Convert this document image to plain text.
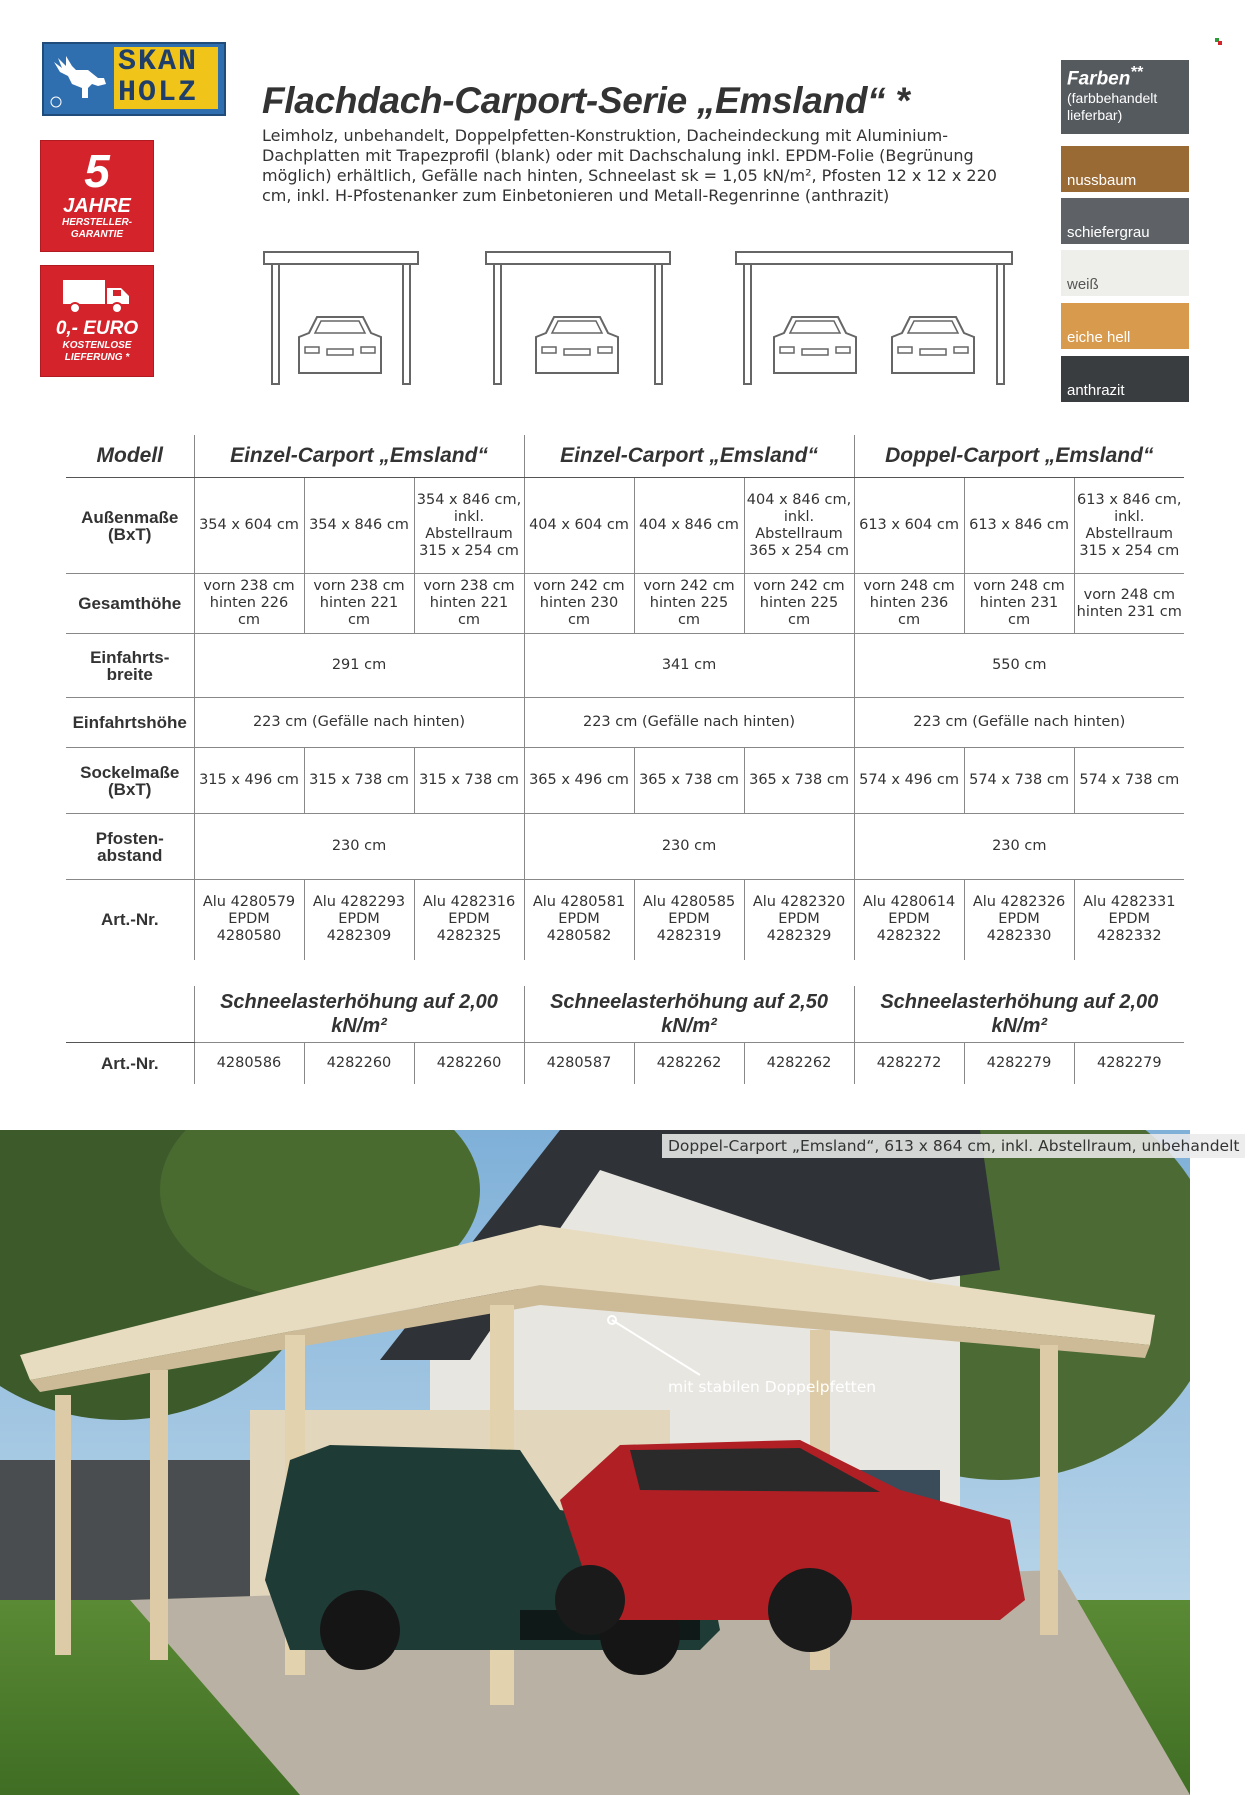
SKAN
HOLZ
5
JAHRE
HERSTELLER-
GARANTIE
0,- EURO
KOSTENLOSE
LIEFERUNG *
Flachdach-Carport-Serie „Emsland“ *
Leimholz, unbehandelt, Doppelpfetten-Konstruktion, Dacheindeckung mit Aluminium-Dachplatten mit Trapezprofil (blank) oder mit Dachschalung inkl. EPDM-Folie (Begrünung möglich) erhältlich, Gefälle nach hinten, Schneelast sk = 1,05 kN/m², Pfosten 12 x 12 x 220 cm, inkl. H-Pfostenanker zum Einbetonieren und Metall-Regenrinne (anthrazit)
Farben**
(farbbehandelt lieferbar)
nussbaum
schiefergrau
weiß
eiche hell
anthrazit
Modell	Einzel-Carport „Emsland“			Einzel-Carport „Emsland“			Doppel-Carport „Emsland“		
Außenmaße (BxT)	354 x 604 cm	354 x 846 cm	354 x 846 cm, inkl. Abstellraum 315 x 254 cm	404 x 604 cm	404 x 846 cm	404 x 846 cm, inkl. Abstellraum 365 x 254 cm	613 x 604 cm	613 x 846 cm	613 x 846 cm, inkl. Abstellraum 315 x 254 cm
Gesamthöhe	vorn 238 cm hinten 226 cm	vorn 238 cm hinten 221 cm	vorn 238 cm hinten 221 cm	vorn 242 cm hinten 230 cm	vorn 242 cm hinten 225 cm	vorn 242 cm hinten 225 cm	vorn 248 cm hinten 236 cm	vorn 248 cm hinten 231 cm	vorn 248 cm hinten 231 cm
Einfahrts-breite	291 cm			341 cm			550 cm		
Einfahrtshöhe	223 cm (Gefälle nach hinten)			223 cm (Gefälle nach hinten)			223 cm (Gefälle nach hinten)		
Sockelmaße (BxT)	315 x 496 cm	315 x 738 cm	315 x 738 cm	365 x 496 cm	365 x 738 cm	365 x 738 cm	574 x 496 cm	574 x 738 cm	574 x 738 cm
Pfosten-abstand	230 cm			230 cm			230 cm		
Art.-Nr.	Alu 4280579 EPDM 4280580	Alu 4282293 EPDM 4282309	Alu 4282316 EPDM 4282325	Alu 4280581 EPDM 4280582	Alu 4280585 EPDM 4282319	Alu 4282320 EPDM 4282329	Alu 4280614 EPDM 4282322	Alu 4282326 EPDM 4282330	Alu 4282331 EPDM 4282332

	Schneelasterhöhung auf 2,00 kN/m²			Schneelasterhöhung auf 2,50 kN/m²			Schneelasterhöhung auf 2,00 kN/m²		
Art.-Nr.	4280586	4282260	4282260	4280587	4282262	4282262	4282272	4282279	4282279
Doppel-Carport „Emsland“, 613 x 864 cm, inkl. Abstellraum, unbehandelt
mit stabilen Doppelpfetten
